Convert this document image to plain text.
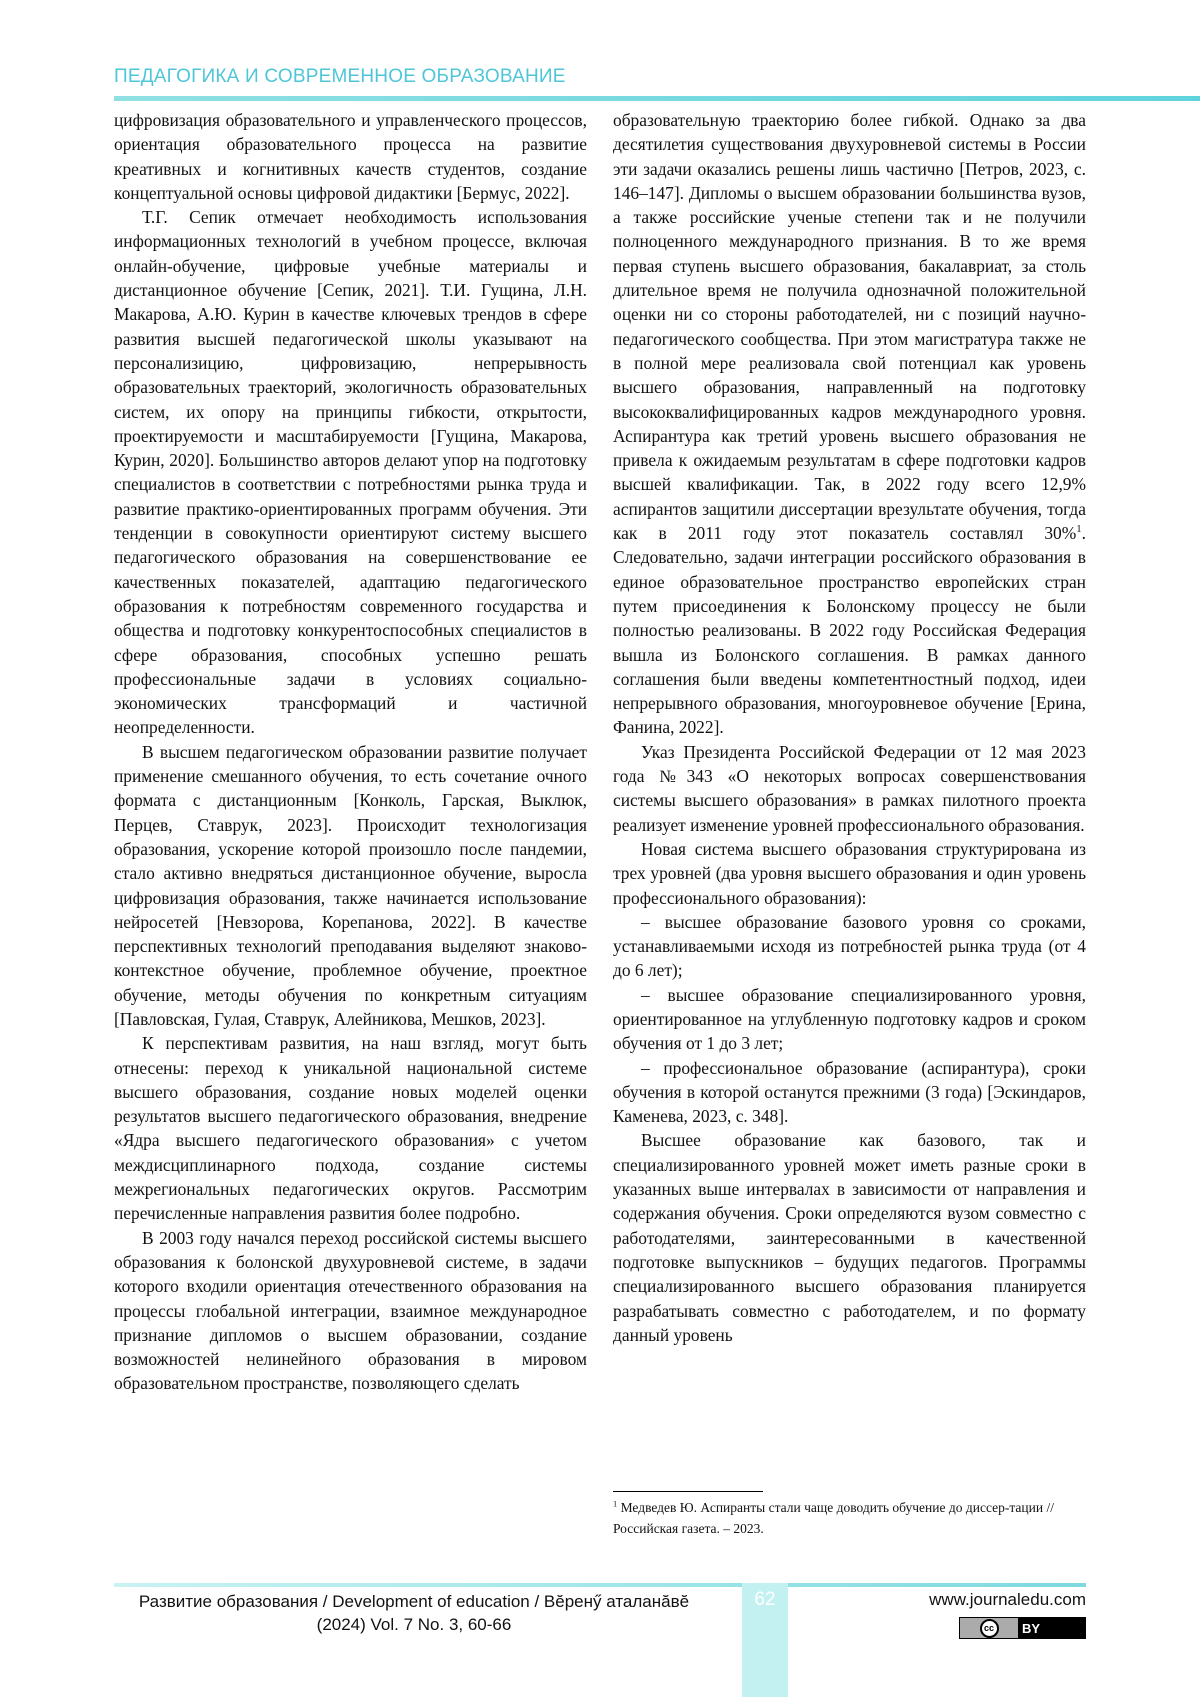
ПЕДАГОГИКА И СОВРЕМЕННОЕ ОБРАЗОВАНИЕ

цифровизация образовательного и управленческого процессов, ориентация образовательного процесса на развитие креативных и когнитивных качеств студентов, создание концептуальной основы цифровой дидактики [Бермус, 2022].

Т.Г. Сепик отмечает необходимость использования информационных технологий в учебном процессе, включая онлайн-обучение, цифровые учебные материалы и дистанционное обучение [Сепик, 2021]. Т.И. Гущина, Л.Н. Макарова, А.Ю. Курин в качестве ключевых трендов в сфере развития высшей педагогической школы указывают на персонализицию, цифровизацию, непрерывность образовательных траекторий, экологичность образовательных систем, их опору на принципы гибкости, открытости, проектируемости и масштабируемости [Гущина, Макарова, Курин, 2020]. Большинство авторов делают упор на подготовку специалистов в соответствии с потребностями рынка труда и развитие практико-ориентированных программ обучения. Эти тенденции в совокупности ориентируют систему высшего педагогического образования на совершенствование ее качественных показателей, адаптацию педагогического образования к потребностям современного государства и общества и подготовку конкурентоспособных специалистов в сфере образования, способных успешно решать профессиональные задачи в условиях социально-экономических трансформаций и частичной неопределенности.

В высшем педагогическом образовании развитие получает применение смешанного обучения, то есть сочетание очного формата с дистанционным [Конколь, Гарская, Выклюк, Перцев, Ставрук, 2023]. Происходит технологизация образования, ускорение которой произошло после пандемии, стало активно внедряться дистанционное обучение, выросла цифровизация образования, также начинается использование нейросетей [Невзорова, Корепанова, 2022]. В качестве перспективных технологий преподавания выделяют знаково-контекстное обучение, проблемное обучение, проектное обучение, методы обучения по конкретным ситуациям [Павловская, Гулая, Ставрук, Алейникова, Мешков, 2023].

К перспективам развития, на наш взгляд, могут быть отнесены: переход к уникальной национальной системе высшего образования, создание новых моделей оценки результатов высшего педагогического образования, внедрение «Ядра высшего педагогического образования» с учетом междисциплинарного подхода, создание системы межрегиональных педагогических округов. Рассмотрим перечисленные направления развития более подробно.

В 2003 году начался переход российской системы высшего образования к болонской двухуровневой системе, в задачи которого входили ориентация отечественного образования на процессы глобальной интеграции, взаимное международное признание дипломов о высшем образовании, создание возможностей нелинейного образования в мировом образовательном пространстве, позволяющего сделать

образовательную траекторию более гибкой. Однако за два десятилетия существования двухуровневой системы в России эти задачи оказались решены лишь частично [Петров, 2023, с. 146–147]. Дипломы о высшем образовании большинства вузов, а также российские ученые степени так и не получили полноценного международного признания. В то же время первая ступень высшего образования, бакалавриат, за столь длительное время не получила однозначной положительной оценки ни со стороны работодателей, ни с позиций научно-педагогического сообщества. При этом магистратура также не в полной мере реализовала свой потенциал как уровень высшего образования, направленный на подготовку высококвалифицированных кадров международного уровня. Аспирантура как третий уровень высшего образования не привела к ожидаемым результатам в сфере подготовки кадров высшей квалификации. Так, в 2022 году всего 12,9% аспирантов защитили диссертации врезультате обучения, тогда как в 2011 году этот показатель составлял 30%$^1$. Следовательно, задачи интеграции российского образования в единое образовательное пространство европейских стран путем присоединения к Болонскому процессу не были полностью реализованы. В 2022 году Российская Федерация вышла из Болонского соглашения. В рамках данного соглашения были введены компетентностный подход, идеи непрерывного образования, многоуровневое обучение [Ерина, Фанина, 2022].

Указ Президента Российской Федерации от 12 мая 2023 года №343 «О некоторых вопросах совершенствования системы высшего образования» в рамках пилотного проекта реализует изменение уровней профессионального образования.

Новая система высшего образования структурирована из трех уровней (два уровня высшего образования и один уровень профессионального образования):

– высшее образование базового уровня со сроками, устанавливаемыми исходя из потребностей рынка труда (от 4 до 6 лет);

– высшее образование специализированного уровня, ориентированное на углубленную подготовку кадров и сроком обучения от 1 до 3 лет;

– профессиональное образование (аспирантура), сроки обучения в которой останутся прежними (3 года) [Эскиндаров, Каменева, 2023, с. 348].

Высшее образование как базового, так и специализированного уровней может иметь разные сроки в указанных выше интервалах в зависимости от направления и содержания обучения. Сроки определяются вузом совместно с работодателями, заинтересованными в качественной подготовке выпускников – будущих педагогов. Программы специализированного высшего образования планируется разрабатывать совместно с работодателем, и по формату данный уровень

$^1$ Медведев Ю. Аспиранты стали чаще доводить обучение до диссер-тации // Российская газета. – 2023.
62
Развитие образования / Development of education / Вĕренӳ аталанăвĕ
(2024) Vol. 7 No. 3, 60-66
www.journaledu.com
cc	BY
